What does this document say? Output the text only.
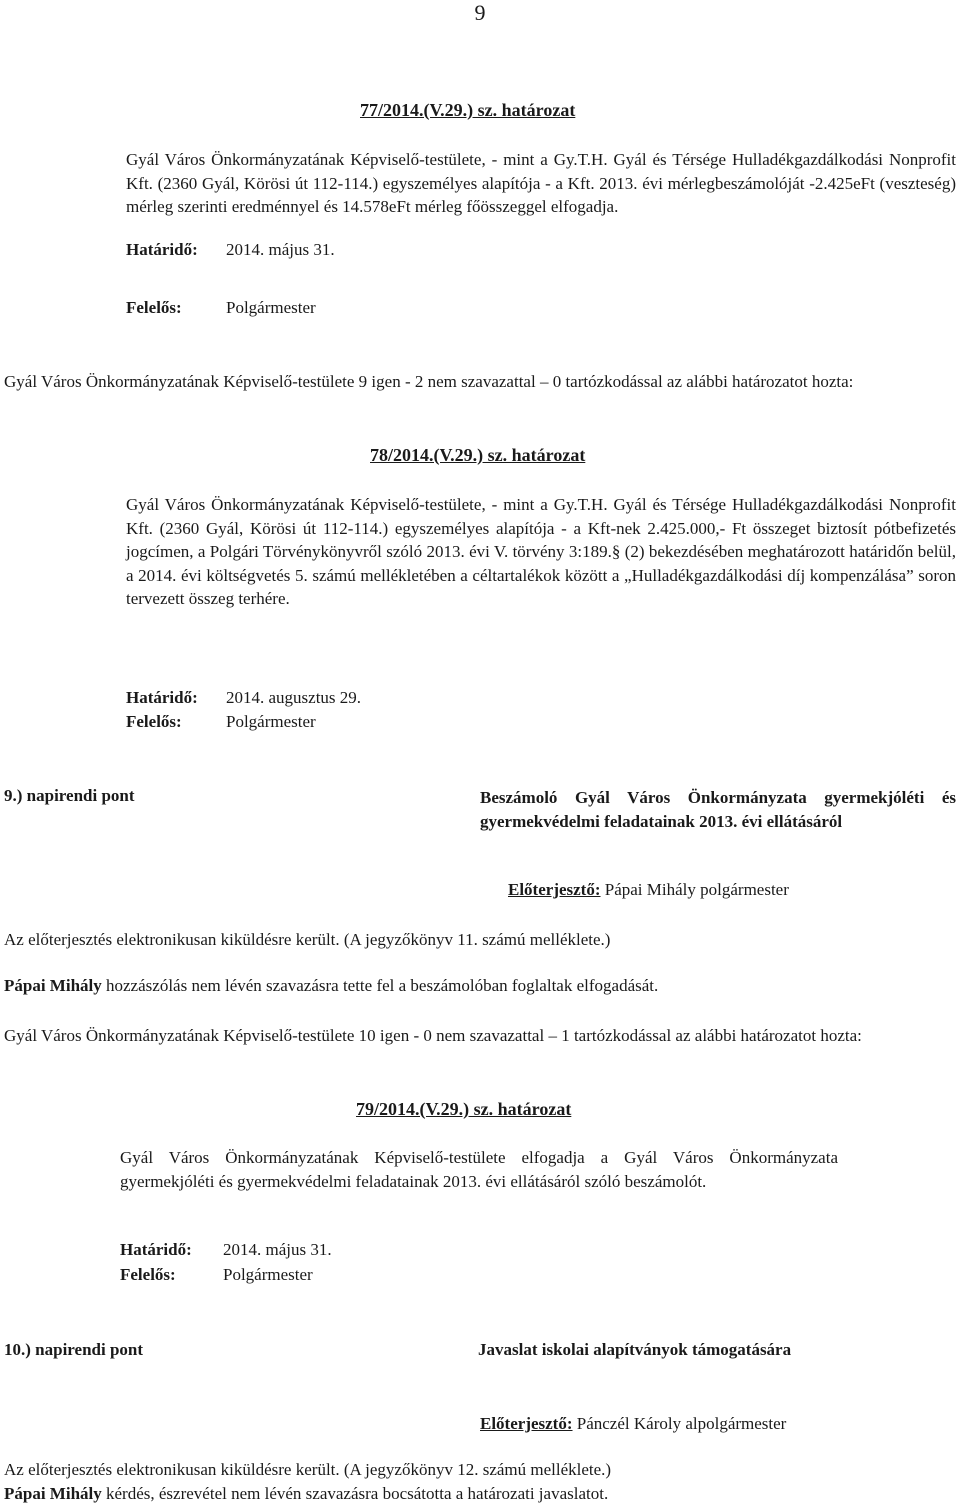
9
77/2014.(V.29.) sz. határozat
Gyál Város Önkormányzatának Képviselő-testülete, - mint a Gy.T.H. Gyál és Térsége Hulladékgazdálkodási Nonprofit Kft. (2360 Gyál, Körösi út 112-114.) egyszemélyes alapítója - a Kft. 2013. évi mérlegbeszámolóját -2.425eFt (veszteség) mérleg szerinti eredménnyel és 14.578eFt mérleg főösszeggel elfogadja.
Határidő: 2014. május 31.
Felelős:	Polgármester
Gyál Város Önkormányzatának Képviselő-testülete 9 igen - 2 nem szavazattal – 0 tartózkodással az alábbi határozatot hozta:
78/2014.(V.29.) sz. határozat
Gyál Város Önkormányzatának Képviselő-testülete, - mint a Gy.T.H. Gyál és Térsége Hulladékgazdálkodási Nonprofit Kft. (2360 Gyál, Körösi út 112-114.) egyszemélyes alapítója - a Kft-nek 2.425.000,- Ft összeget biztosít pótbefizetés jogcímen, a Polgári Törvénykönyvről szóló 2013. évi V. törvény 3:189.§ (2) bekezdésében meghatározott határidőn belül, a 2014. évi költségvetés 5. számú mellékletében a céltartalékok között a „Hulladékgazdálkodási díj kompenzálása” soron tervezett összeg terhére.
Határidő: 2014. augusztus 29.
Felelős:	Polgármester
9.) napirendi pont	Beszámoló Gyál Város Önkormányzata gyermekjóléti és gyermekvédelmi feladatainak 2013. évi ellátásáról
Előterjesztő: Pápai Mihály polgármester
Az előterjesztés elektronikusan kiküldésre került. (A jegyzőkönyv 11. számú melléklete.)
Pápai Mihály hozzászólás nem lévén szavazásra tette fel a beszámolóban foglaltak elfogadását.
Gyál Város Önkormányzatának Képviselő-testülete 10 igen - 0 nem szavazattal – 1 tartózkodással az alábbi határozatot hozta:
79/2014.(V.29.) sz. határozat
Gyál Város Önkormányzatának Képviselő-testülete elfogadja a Gyál Város Önkormányzata gyermekjóléti és gyermekvédelmi feladatainak 2013. évi ellátásáról szóló beszámolót.
Határidő: 2014. május 31.
Felelős:	Polgármester
10.) napirendi pont	Javaslat iskolai alapítványok támogatására
Előterjesztő: Pánczél Károly alpolgármester
Az előterjesztés elektronikusan kiküldésre került. (A jegyzőkönyv 12. számú melléklete.)
Pápai Mihály kérdés, észrevétel nem lévén szavazásra bocsátotta a határozati javaslatot.
